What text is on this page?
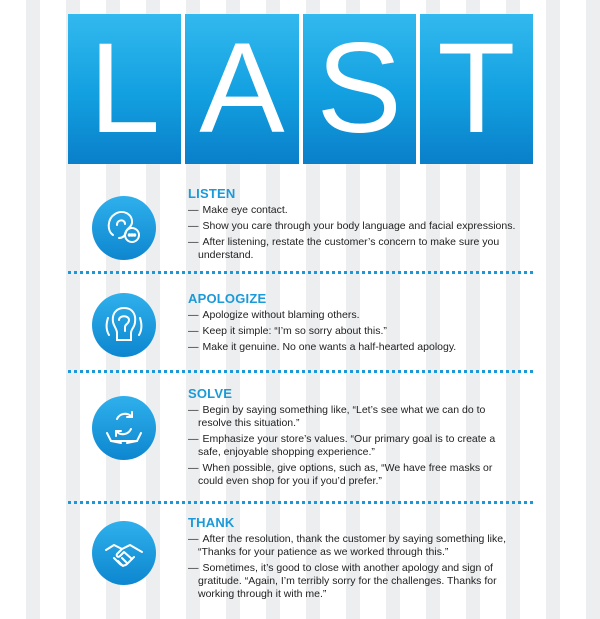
L A S T
LISTEN
— Make eye contact.
— Show you care through your body language and facial expressions.
— After listening, restate the customer’s concern to make sure you understand.
APOLOGIZE
— Apologize without blaming others.
— Keep it simple: “I’m so sorry about this.”
— Make it genuine. No one wants a half-hearted apology.
SOLVE
— Begin by saying something like, “Let’s see what we can do to resolve this situation.”
— Emphasize your store’s values. “Our primary goal is to create a safe, enjoyable shopping experience.”
— When possible, give options, such as, “We have free masks or could even shop for you if you’d prefer.”
THANK
— After the resolution, thank the customer by saying something like, “Thanks for your patience as we worked through this.”
— Sometimes, it’s good to close with another apology and sign of gratitude. “Again, I’m terribly sorry for the challenges. Thanks for working through it with me.”
